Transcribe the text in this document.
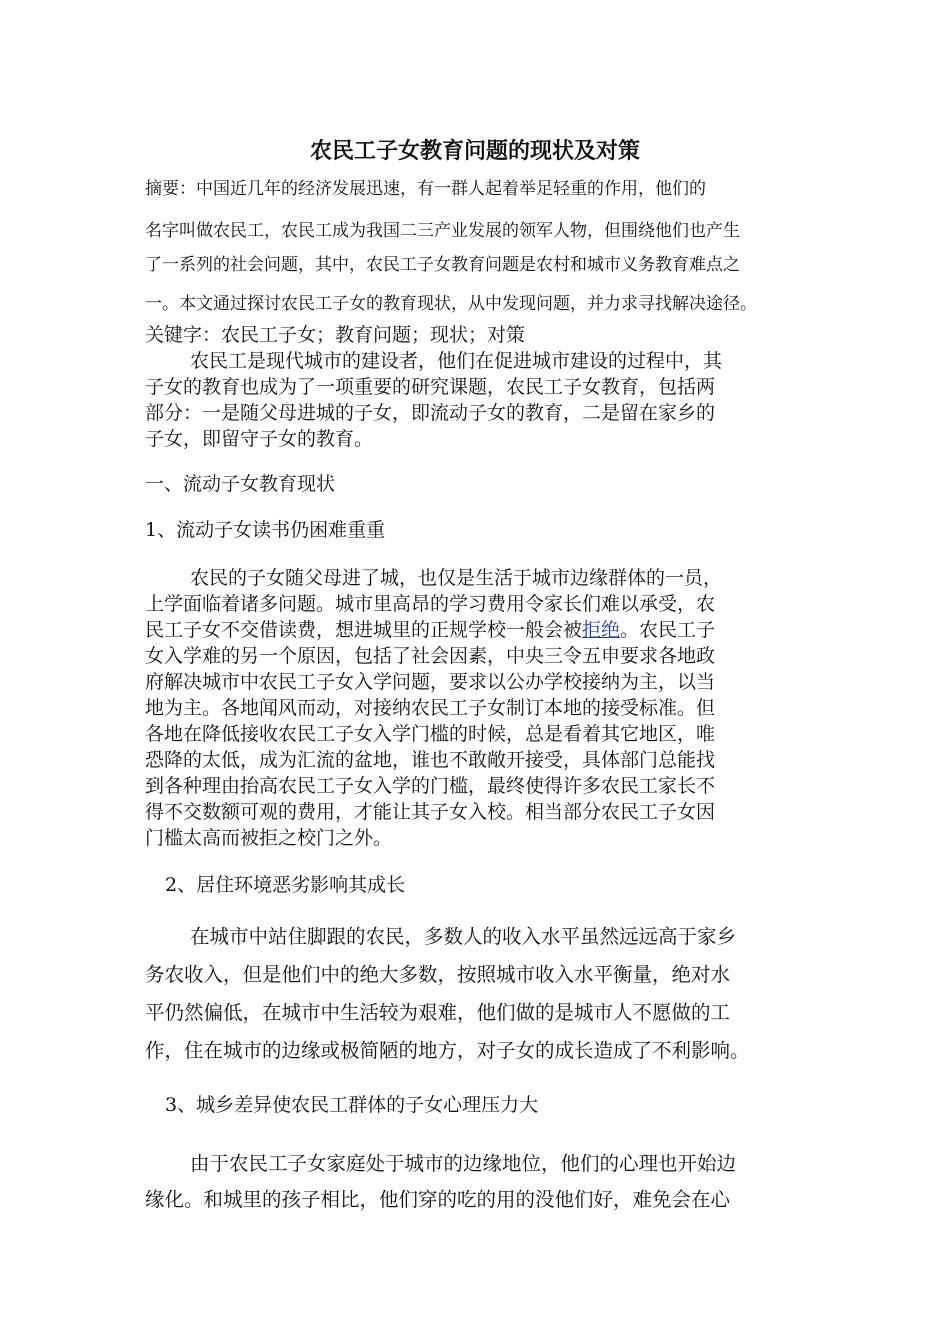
农民工子女教育问题的现状及对策
摘要：中国近几年的经济发展迅速，有一群人起着举足轻重的作用，他们的
名字叫做农民工，农民工成为我国二三产业发展的领军人物，但围绕他们也产生
了一系列的社会问题，其中，农民工子女教育问题是农村和城市义务教育难点之
一。本文通过探讨农民工子女的教育现状，从中发现问题，并力求寻找解决途径。
关键字：农民工子女；教育问题；现状；对策
农民工是现代城市的建设者，他们在促进城市建设的过程中，其
子女的教育也成为了一项重要的研究课题，农民工子女教育，包括两
部分：一是随父母进城的子女，即流动子女的教育，二是留在家乡的
子女，即留守子女的教育。
一、流动子女教育现状
1、流动子女读书仍困难重重
农民的子女随父母进了城，也仅是生活于城市边缘群体的一员，
上学面临着诸多问题。城市里高昂的学习费用令家长们难以承受，农
民工子女不交借读费，想进城里的正规学校一般会被拒绝。农民工子
女入学难的另一个原因，包括了社会因素，中央三令五申要求各地政
府解决城市中农民工子女入学问题，要求以公办学校接纳为主，以当
地为主。各地闻风而动，对接纳农民工子女制订本地的接受标准。但
各地在降低接收农民工子女入学门槛的时候，总是看着其它地区，唯
恐降的太低，成为汇流的盆地，谁也不敢敞开接受，具体部门总能找
到各种理由抬高农民工子女入学的门槛，最终使得许多农民工家长不
得不交数额可观的费用，才能让其子女入校。相当部分农民工子女因
门槛太高而被拒之校门之外。
2、居住环境恶劣影响其成长
在城市中站住脚跟的农民，多数人的收入水平虽然远远高于家乡
务农收入，但是他们中的绝大多数，按照城市收入水平衡量，绝对水
平仍然偏低，在城市中生活较为艰难，他们做的是城市人不愿做的工
作，住在城市的边缘或极简陋的地方，对子女的成长造成了不利影响。
3、城乡差异使农民工群体的子女心理压力大
由于农民工子女家庭处于城市的边缘地位，他们的心理也开始边
缘化。和城里的孩子相比，他们穿的吃的用的没他们好，难免会在心
